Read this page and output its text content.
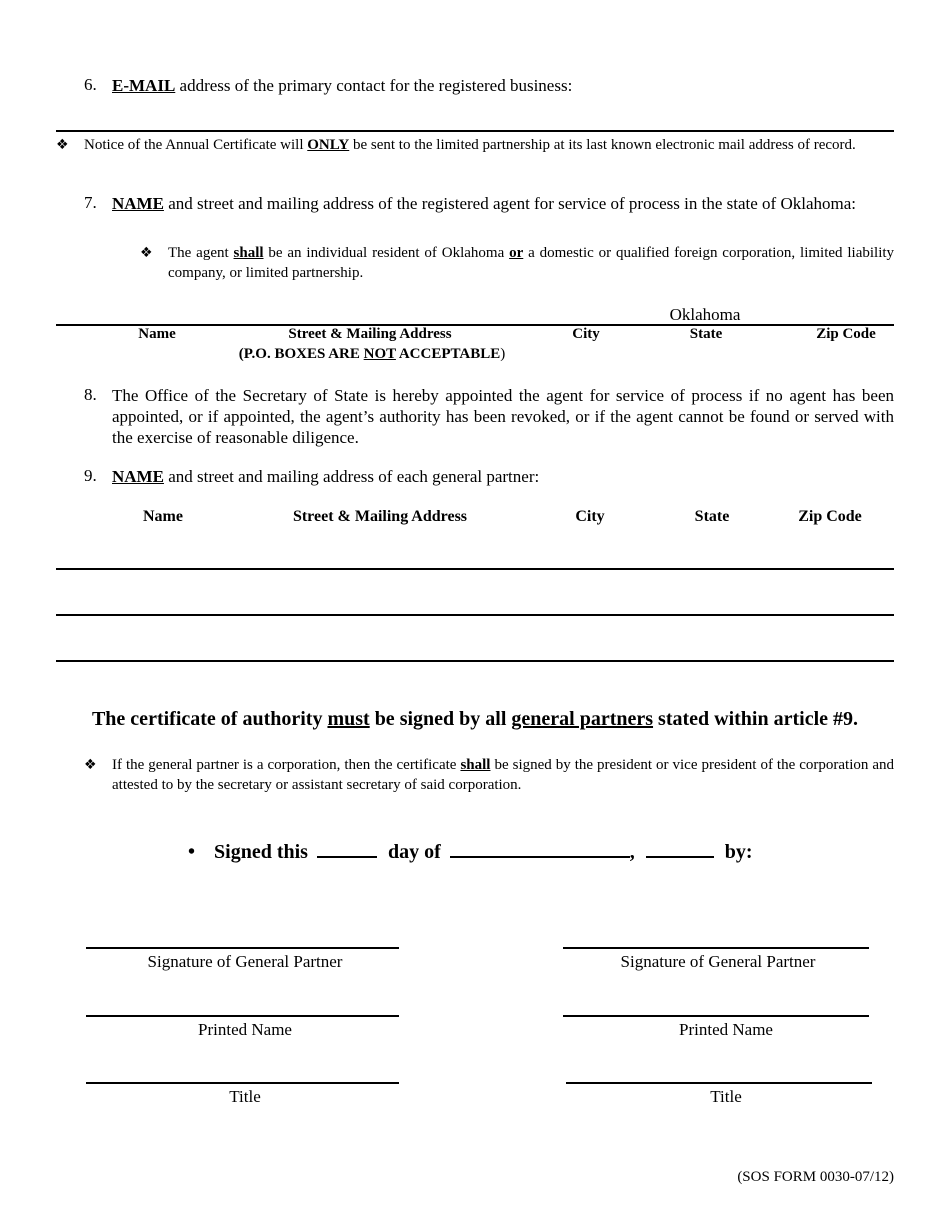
6. E-MAIL address of the primary contact for the registered business:
❖ Notice of the Annual Certificate will ONLY be sent to the limited partnership at its last known electronic mail address of record.
7. NAME and street and mailing address of the registered agent for service of process in the state of Oklahoma:
❖ The agent shall be an individual resident of Oklahoma or a domestic or qualified foreign corporation, limited liability company, or limited partnership.
Oklahoma
Name	Street & Mailing Address	City	State	Zip Code
(P.O. BOXES ARE NOT ACCEPTABLE)
8. The Office of the Secretary of State is hereby appointed the agent for service of process if no agent has been appointed, or if appointed, the agent’s authority has been revoked, or if the agent cannot be found or served with the exercise of reasonable diligence.
9. NAME and street and mailing address of each general partner:
Name	Street & Mailing Address	City	State	Zip Code
The certificate of authority must be signed by all general partners stated within article #9.
❖ If the general partner is a corporation, then the certificate shall be signed by the president or vice president of the corporation and attested to by the secretary or assistant secretary of said corporation.
• Signed this	day of	,	by:
Signature of General Partner
Printed Name
Title
Signature of General Partner
Printed Name
Title
(SOS FORM 0030-07/12)
